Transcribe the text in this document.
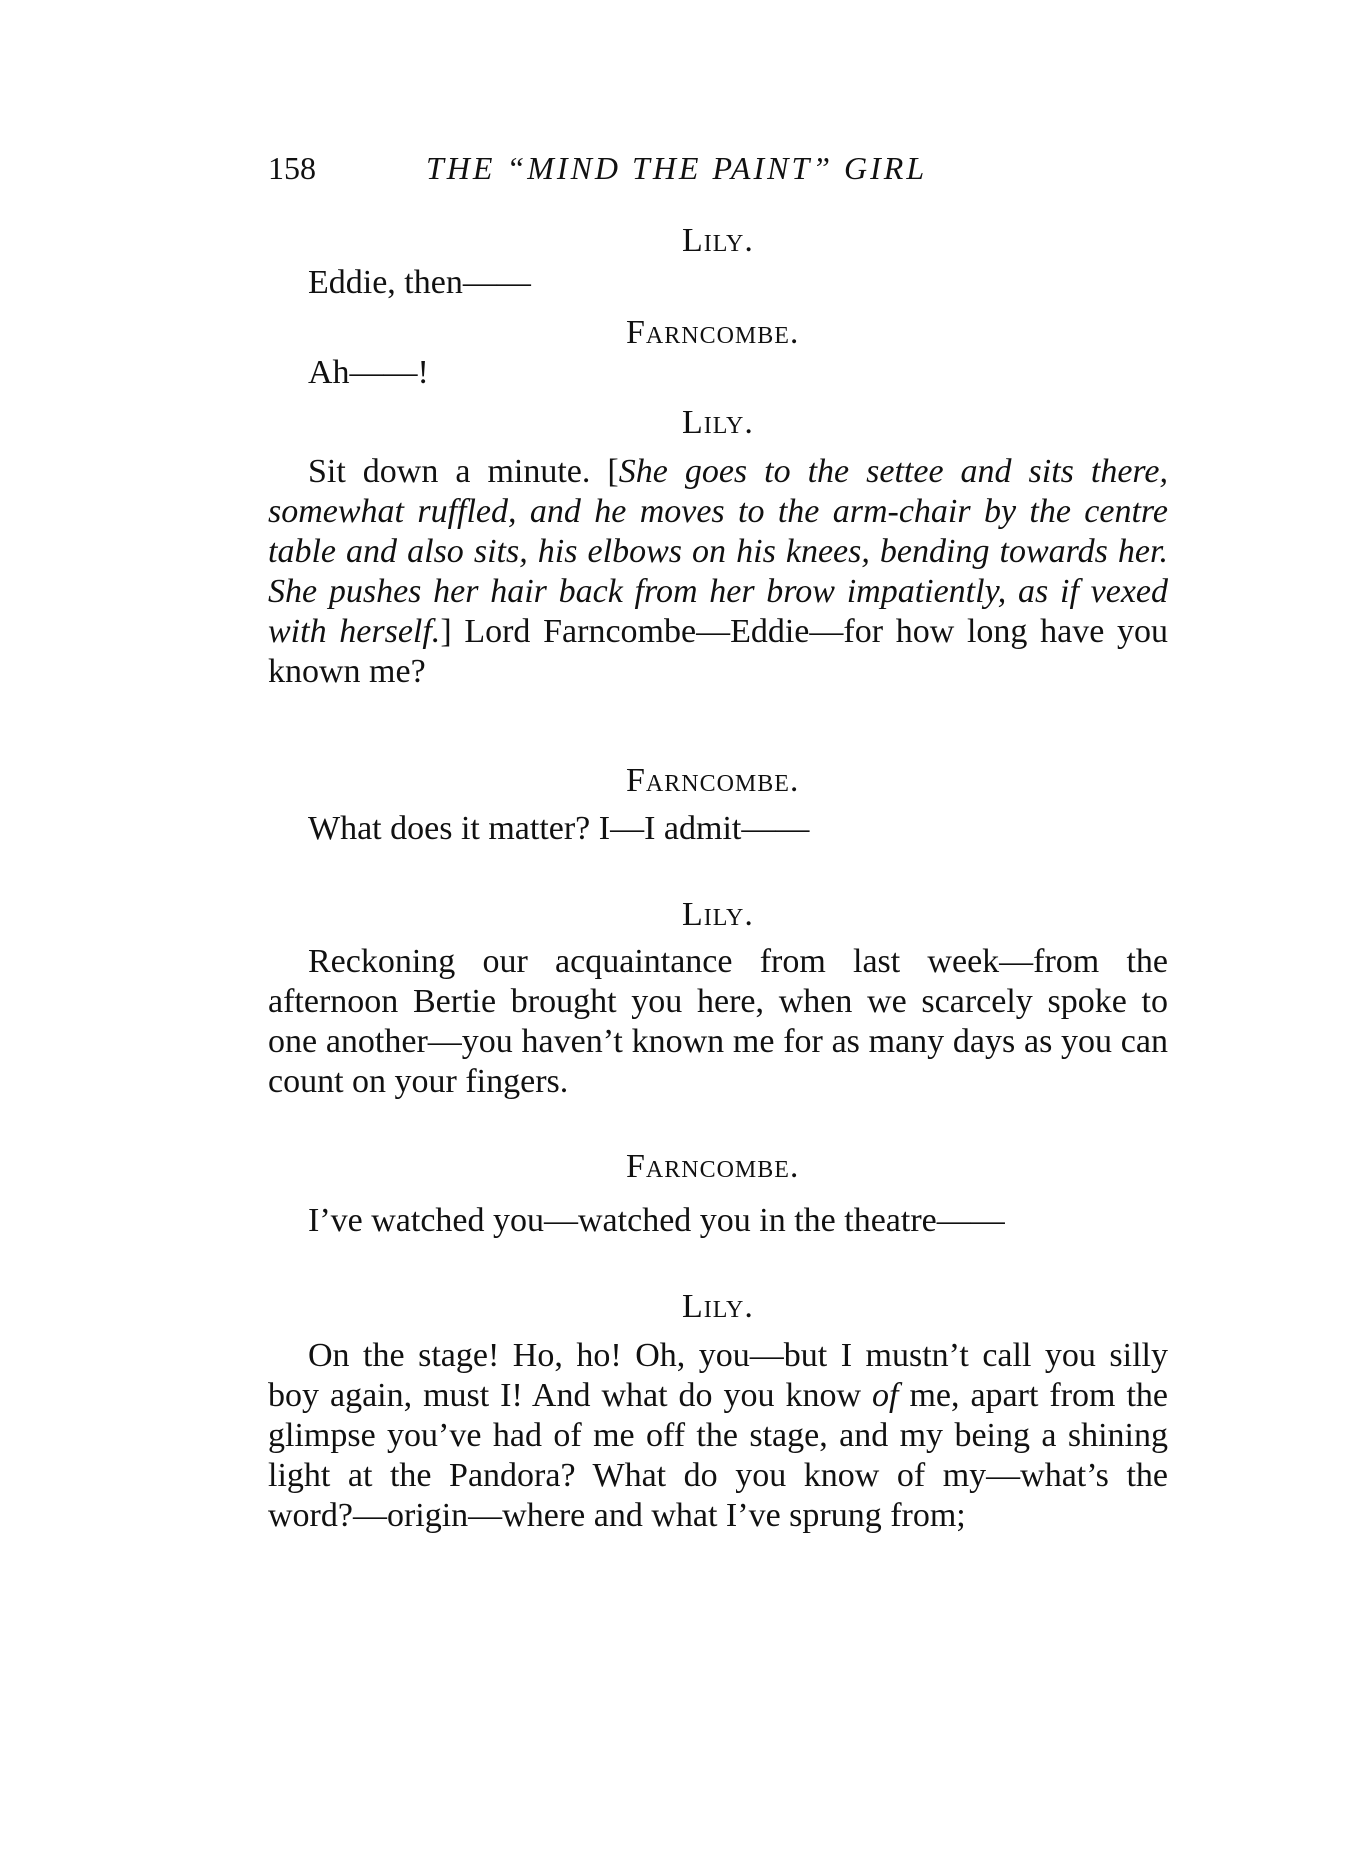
158	THE “MIND THE PAINT” GIRL
Lily.
Eddie, then——
Farncombe.
Ah——!
Lily.
Sit down a minute. [She goes to the settee and sits there, somewhat ruffled, and he moves to the arm-chair by the centre table and also sits, his elbows on his knees, bending towards her. She pushes her hair back from her brow impatiently, as if vexed with herself.] Lord Farncombe—Eddie—for how long have you known me?
Farncombe.
What does it matter? I—I admit——
Lily.
Reckoning our acquaintance from last week—from the afternoon Bertie brought you here, when we scarcely spoke to one another—you haven’t known me for as many days as you can count on your fingers.
Farncombe.
I’ve watched you—watched you in the theatre——
Lily.
On the stage! Ho, ho! Oh, you—but I mustn’t call you silly boy again, must I! And what do you know of me, apart from the glimpse you’ve had of me off the stage, and my being a shining light at the Pandora? What do you know of my—what’s the word?—origin—where and what I’ve sprung from;
